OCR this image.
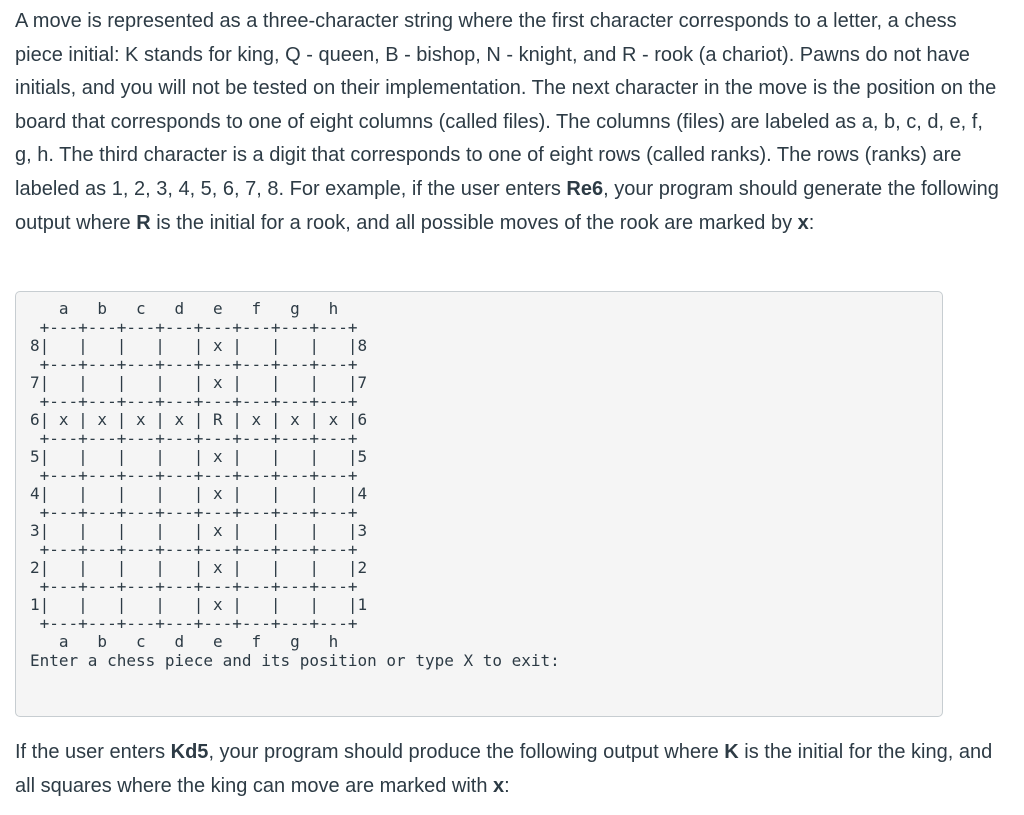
A move is represented as a three-character string where the first character corresponds to a letter, a chess piece initial: K stands for king, Q - queen, B - bishop, N - knight, and R - rook (a chariot). Pawns do not have initials, and you will not be tested on their implementation. The next character in the move is the position on the board that corresponds to one of eight columns (called files). The columns (files) are labeled as a, b, c, d, e, f, g, h. The third character is a digit that corresponds to one of eight rows (called ranks). The rows (ranks) are labeled as 1, 2, 3, 4, 5, 6, 7, 8. For example, if the user enters Re6, your program should generate the following output where R is the initial for a rook, and all possible moves of the rook are marked by x:

a   b   c   d   e   f   g   h
+---+---+---+---+---+---+---+---+
8|   |   |   |   | x |   |   |   |8
+---+---+---+---+---+---+---+---+
7|   |   |   |   | x |   |   |   |7
+---+---+---+---+---+---+---+---+
6| x | x | x | x | R | x | x | x |6
+---+---+---+---+---+---+---+---+
5|   |   |   |   | x |   |   |   |5
+---+---+---+---+---+---+---+---+
4|   |   |   |   | x |   |   |   |4
+---+---+---+---+---+---+---+---+
3|   |   |   |   | x |   |   |   |3
+---+---+---+---+---+---+---+---+
2|   |   |   |   | x |   |   |   |2
+---+---+---+---+---+---+---+---+
1|   |   |   |   | x |   |   |   |1
+---+---+---+---+---+---+---+---+
a   b   c   d   e   f   g   h
Enter a chess piece and its position or type X to exit:

If the user enters Kd5, your program should produce the following output where K is the initial for the king, and all squares where the king can move are marked with x:
